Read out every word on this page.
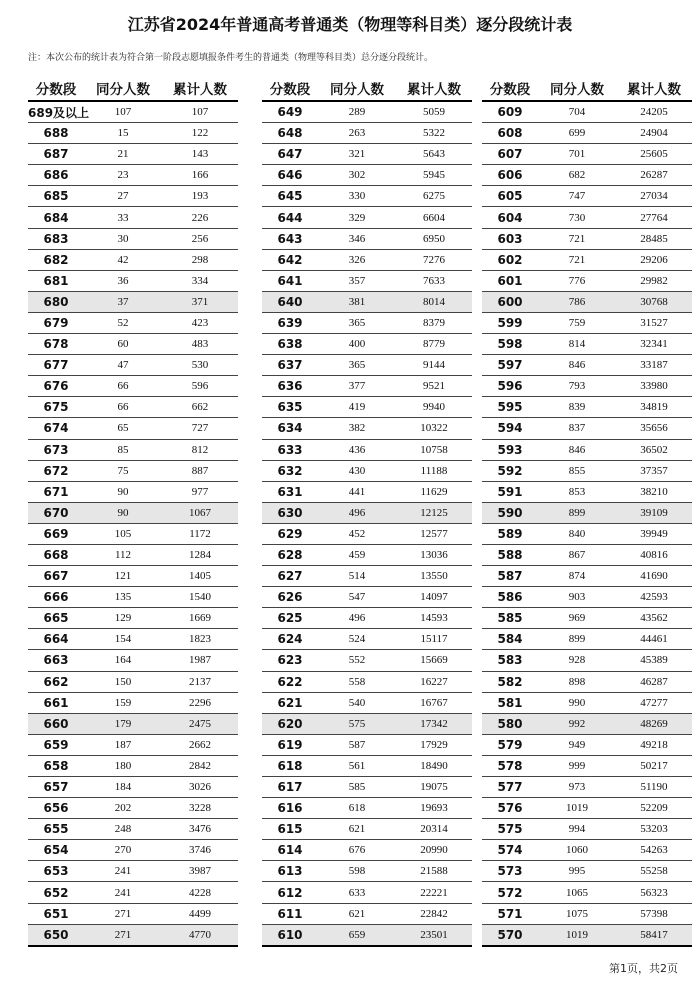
江苏省2024年普通高考普通类（物理等科目类）逐分段统计表
注：本次公布的统计表为符合第一阶段志愿填报条件考生的普通类（物理等科目类）总分逐分段统计。
分数段	同分人数	累计人数
689及以上	107	107
688	15	122
687	21	143
686	23	166
685	27	193
684	33	226
683	30	256
682	42	298
681	36	334
680	37	371
679	52	423
678	60	483
677	47	530
676	66	596
675	66	662
674	65	727
673	85	812
672	75	887
671	90	977
670	90	1067
669	105	1172
668	112	1284
667	121	1405
666	135	1540
665	129	1669
664	154	1823
663	164	1987
662	150	2137
661	159	2296
660	179	2475
659	187	2662
658	180	2842
657	184	3026
656	202	3228
655	248	3476
654	270	3746
653	241	3987
652	241	4228
651	271	4499
650	271	4770
分数段	同分人数	累计人数
649	289	5059
648	263	5322
647	321	5643
646	302	5945
645	330	6275
644	329	6604
643	346	6950
642	326	7276
641	357	7633
640	381	8014
639	365	8379
638	400	8779
637	365	9144
636	377	9521
635	419	9940
634	382	10322
633	436	10758
632	430	11188
631	441	11629
630	496	12125
629	452	12577
628	459	13036
627	514	13550
626	547	14097
625	496	14593
624	524	15117
623	552	15669
622	558	16227
621	540	16767
620	575	17342
619	587	17929
618	561	18490
617	585	19075
616	618	19693
615	621	20314
614	676	20990
613	598	21588
612	633	22221
611	621	22842
610	659	23501
分数段	同分人数	累计人数
609	704	24205
608	699	24904
607	701	25605
606	682	26287
605	747	27034
604	730	27764
603	721	28485
602	721	29206
601	776	29982
600	786	30768
599	759	31527
598	814	32341
597	846	33187
596	793	33980
595	839	34819
594	837	35656
593	846	36502
592	855	37357
591	853	38210
590	899	39109
589	840	39949
588	867	40816
587	874	41690
586	903	42593
585	969	43562
584	899	44461
583	928	45389
582	898	46287
581	990	47277
580	992	48269
579	949	49218
578	999	50217
577	973	51190
576	1019	52209
575	994	53203
574	1060	54263
573	995	55258
572	1065	56323
571	1075	57398
570	1019	58417
第1页，共2页
